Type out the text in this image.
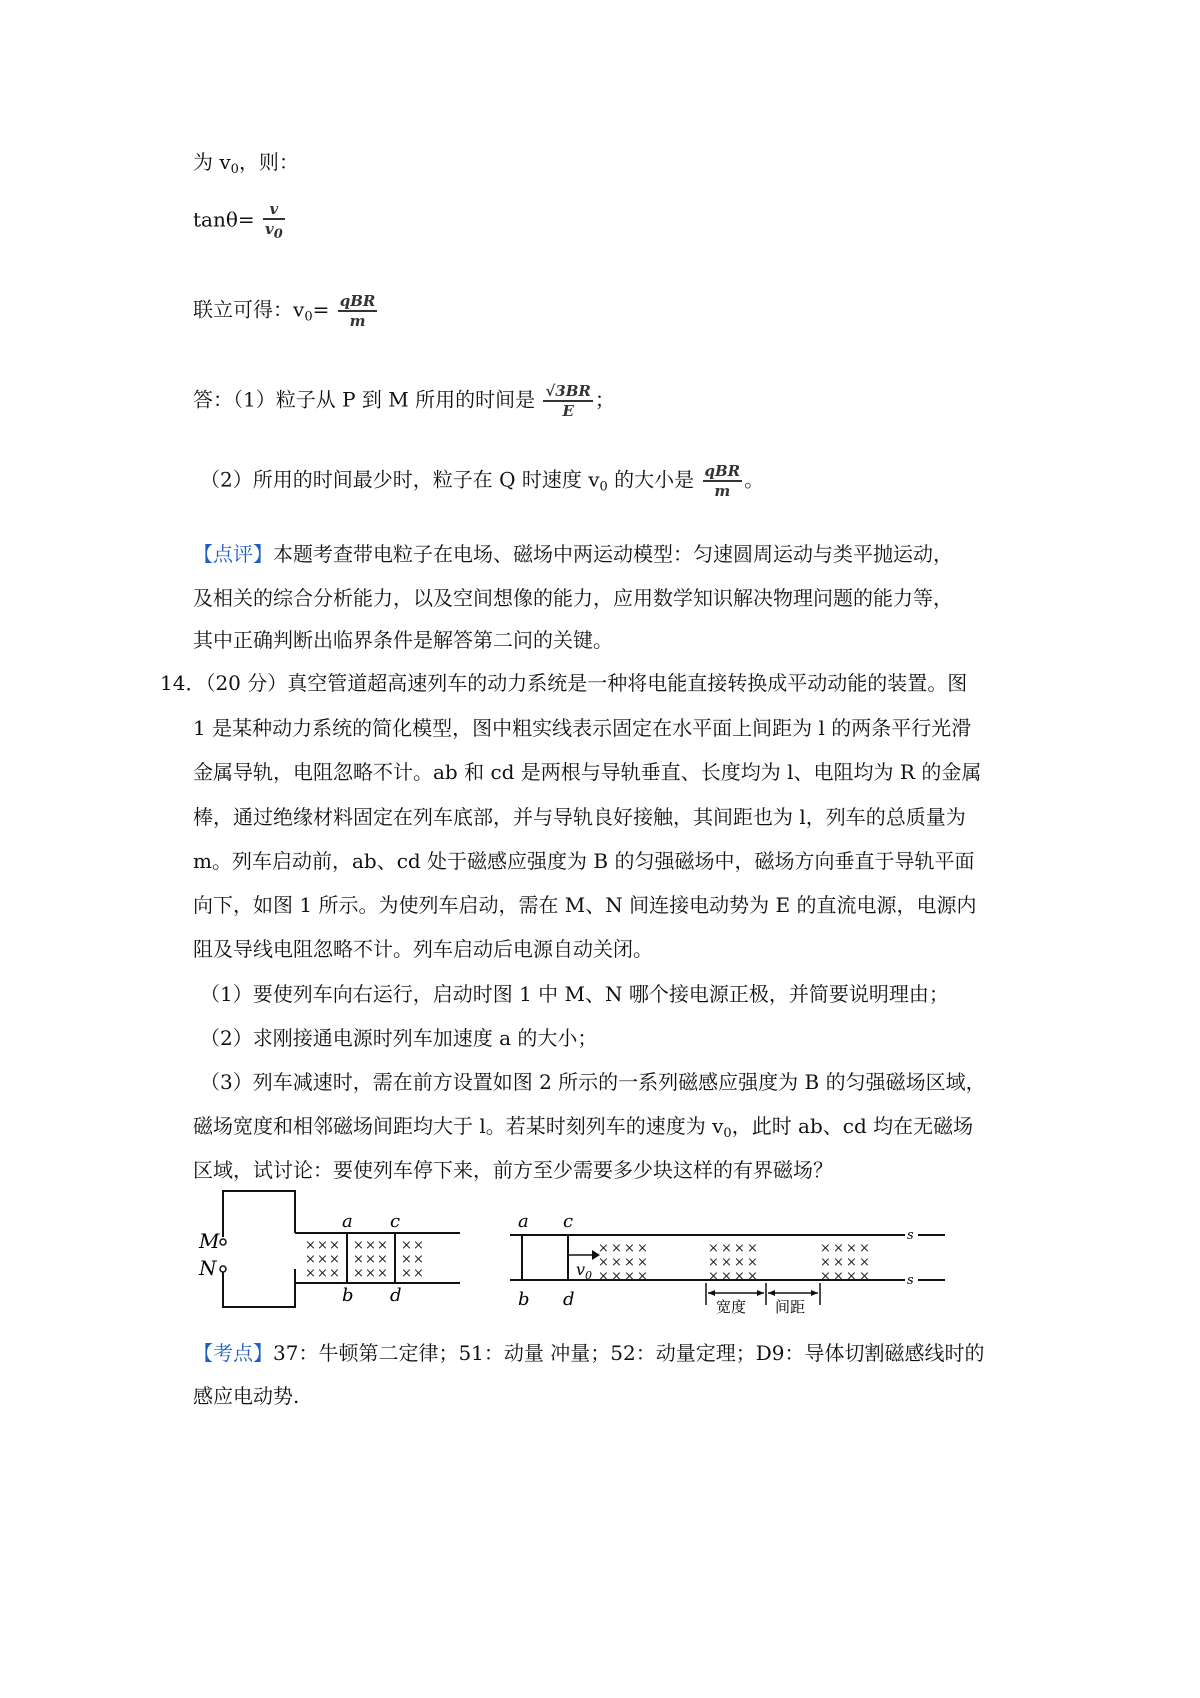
为 $v_0$，则：
$\tan\theta= \frac{v}{v_0}$
联立可得：$v_0= \frac{\text{qBR}}{m}$
答：（1）粒子从 P 到 M 所用的时间是 $\frac{√3BR}{E}$ ；
（2）所用的时间最少时，粒子在 Q 时速度 $v_0$ 的大小是 $\frac{\text{qBR}}{m}$ 。
【点评】本题考查带电粒子在电场、磁场中两运动模型：匀速圆周运动与类平抛运动，
及相关的综合分析能力，以及空间想像的能力，应用数学知识解决物理问题的能力等，
其中正确判断出临界条件是解答第二问的关键。
14．（20 分）真空管道超高速列车的动力系统是一种将电能直接转换成平动动能的装置。图
1 是某种动力系统的简化模型，图中粗实线表示固定在水平面上间距为 l 的两条平行光滑
金属导轨，电阻忽略不计。ab 和 cd 是两根与导轨垂直、长度均为 l、电阻均为 R 的金属
棒，通过绝缘材料固定在列车底部，并与导轨良好接触，其间距也为 l，列车的总质量为
m。列车启动前，ab、cd 处于磁感应强度为 B 的匀强磁场中，磁场方向垂直于导轨平面
向下，如图 1 所示。为使列车启动，需在 M、N 间连接电动势为 E 的直流电源，电源内
阻及导线电阻忽略不计。列车启动后电源自动关闭。
（1）要使列车向右运行，启动时图 1 中 M、N 哪个接电源正极，并简要说明理由；
（2）求刚接通电源时列车加速度 a 的大小；
（3）列车减速时，需在前方设置如图 2 所示的一系列磁感应强度为 B 的匀强磁场区域，
磁场宽度和相邻磁场间距均大于 l。若某时刻列车的速度为 $v_0$，此时 ab、cd 均在无磁场
区域，试讨论：要使列车停下来，前方至少需要多少块这样的有界磁场？
M
N
a c
b d
× × ×
× × ×
× × ×
× × ×
× × ×
× × ×
× ×
× ×
× ×
a c
b d
$v_0$
s
s
× × × ×
× × × ×
× × × ×
× × × ×
× × × ×
× × × ×
× × × ×
× × × ×
× × × ×
宽度 间距
【考点】37：牛顿第二定律；51：动量 冲量；52：动量定理；D9：导体切割磁感线时的
感应电动势.
